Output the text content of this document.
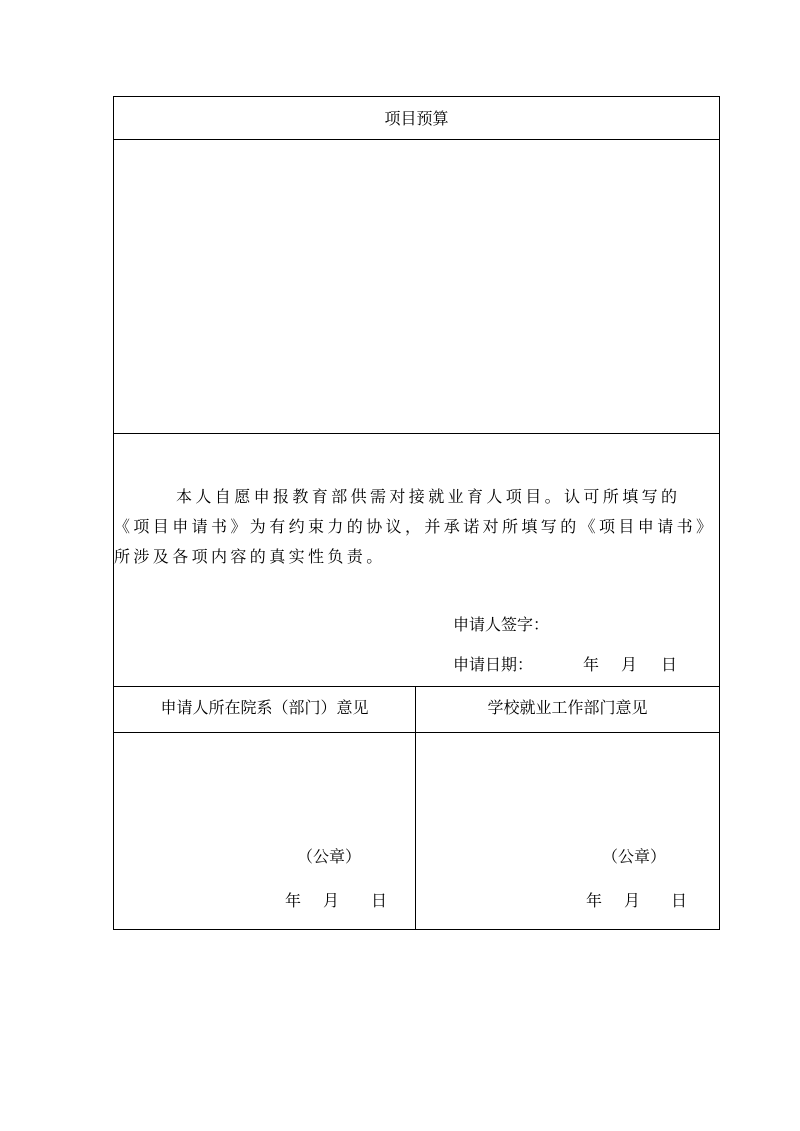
项目预算
本人自愿申报教育部供需对接就业育人项目。认可所填写的《项目申请书》为有约束力的协议，并承诺对所填写的《项目申请书》所涉及各项内容的真实性负责。
申请人签字：
申请日期：	年 月 日
申请人所在院系（部门）意见	学校就业工作部门意见
（公章）
年 月 日
（公章）
年 月 日
